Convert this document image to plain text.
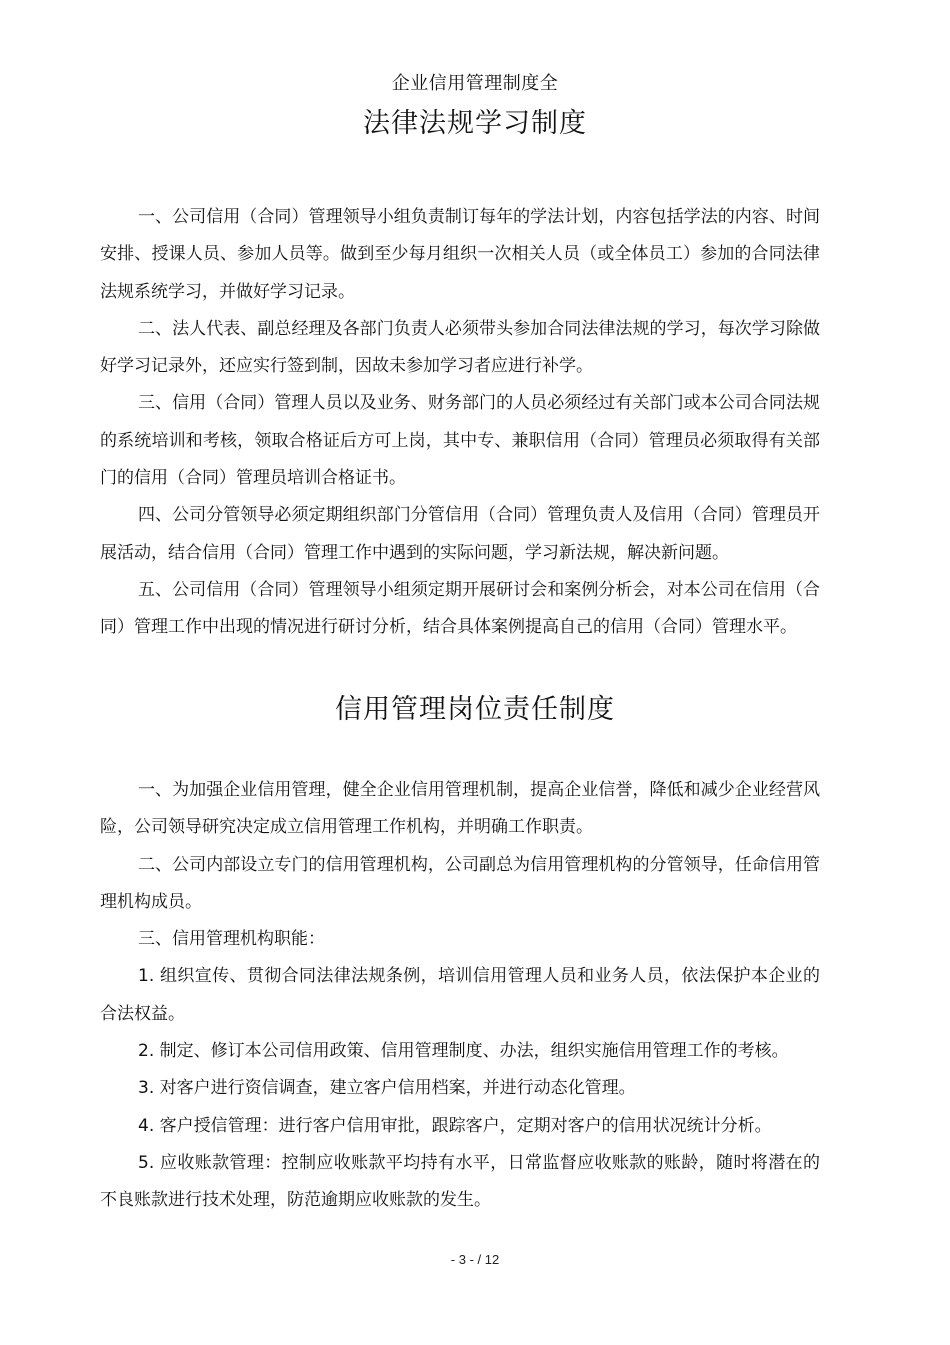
企业信用管理制度全
法律法规学习制度

一、公司信用（合同）管理领导小组负责制订每年的学法计划，内容包括学法的内容、时间安排、授课人员、参加人员等。做到至少每月组织一次相关人员（或全体员工）参加的合同法律法规系统学习，并做好学习记录。

二、法人代表、副总经理及各部门负责人必须带头参加合同法律法规的学习，每次学习除做好学习记录外，还应实行签到制，因故未参加学习者应进行补学。

三、信用（合同）管理人员以及业务、财务部门的人员必须经过有关部门或本公司合同法规的系统培训和考核，领取合格证后方可上岗，其中专、兼职信用（合同）管理员必须取得有关部门的信用（合同）管理员培训合格证书。

四、公司分管领导必须定期组织部门分管信用（合同）管理负责人及信用（合同）管理员开展活动，结合信用（合同）管理工作中遇到的实际问题，学习新法规，解决新问题。

五、公司信用（合同）管理领导小组须定期开展研讨会和案例分析会，对本公司在信用（合同）管理工作中出现的情况进行研讨分析，结合具体案例提高自己的信用（合同）管理水平。

信用管理岗位责任制度

一、为加强企业信用管理，健全企业信用管理机制，提高企业信誉，降低和减少企业经营风险，公司领导研究决定成立信用管理工作机构，并明确工作职责。

二、公司内部设立专门的信用管理机构，公司副总为信用管理机构的分管领导，任命信用管理机构成员。

三、信用管理机构职能：

1. 组织宣传、贯彻合同法律法规条例，培训信用管理人员和业务人员，依法保护本企业的合法权益。

2. 制定、修订本公司信用政策、信用管理制度、办法，组织实施信用管理工作的考核。

3. 对客户进行资信调查，建立客户信用档案，并进行动态化管理。

4. 客户授信管理：进行客户信用审批，跟踪客户，定期对客户的信用状况统计分析。

5. 应收账款管理：控制应收账款平均持有水平，日常监督应收账款的账龄，随时将潜在的不良账款进行技术处理，防范逾期应收账款的发生。

- 3 - / 12
